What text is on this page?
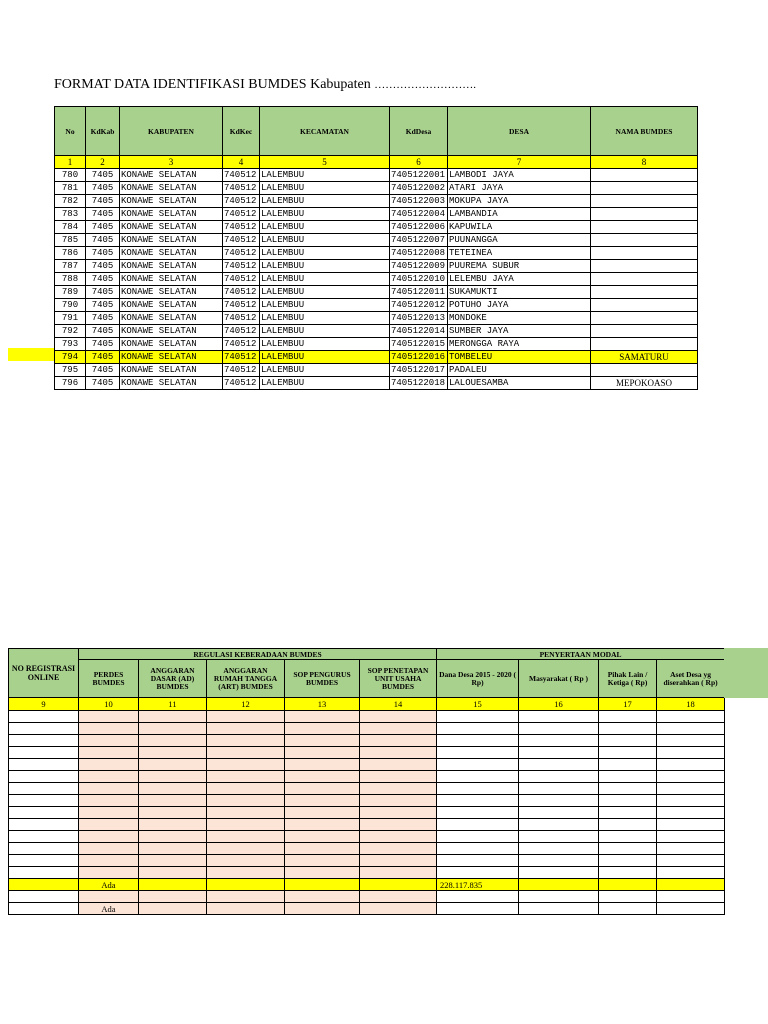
FORMAT DATA IDENTIFIKASI BUMDES Kabupaten ……………………….
No	KdKab	KABUPATEN	KdKec	KECAMATAN	KdDesa	DESA	NAMA BUMDES
1	2	3	4	5	6	7	8
780	7405	KONAWE SELATAN	740512	LALEMBUU	7405122001	LAMBODI JAYA	
781	7405	KONAWE SELATAN	740512	LALEMBUU	7405122002	ATARI JAYA	
782	7405	KONAWE SELATAN	740512	LALEMBUU	7405122003	MOKUPA JAYA	
783	7405	KONAWE SELATAN	740512	LALEMBUU	7405122004	LAMBANDIA	
784	7405	KONAWE SELATAN	740512	LALEMBUU	7405122006	KAPUWILA	
785	7405	KONAWE SELATAN	740512	LALEMBUU	7405122007	PUUNANGGA	
786	7405	KONAWE SELATAN	740512	LALEMBUU	7405122008	TETEINEA	
787	7405	KONAWE SELATAN	740512	LALEMBUU	7405122009	PUUREMA SUBUR	
788	7405	KONAWE SELATAN	740512	LALEMBUU	7405122010	LELEMBU JAYA	
789	7405	KONAWE SELATAN	740512	LALEMBUU	7405122011	SUKAMUKTI	
790	7405	KONAWE SELATAN	740512	LALEMBUU	7405122012	POTUHO JAYA	
791	7405	KONAWE SELATAN	740512	LALEMBUU	7405122013	MONDOKE	
792	7405	KONAWE SELATAN	740512	LALEMBUU	7405122014	SUMBER JAYA	
793	7405	KONAWE SELATAN	740512	LALEMBUU	7405122015	MERONGGA RAYA	
794	7405	KONAWE SELATAN	740512	LALEMBUU	7405122016	TOMBELEU	SAMATURU
795	7405	KONAWE SELATAN	740512	LALEMBUU	7405122017	PADALEU	
796	7405	KONAWE SELATAN	740512	LALEMBUU	7405122018	LALOUESAMBA	MEPOKOASO
NO REGISTRASI ONLINE	REGULASI KEBERADAAN BUMDES					PENYERTAAN MODAL			
	PERDES BUMDES	ANGGARAN DASAR (AD) BUMDES	ANGGARAN RUMAH TANGGA (ART) BUMDES	SOP PENGURUS BUMDES	SOP PENETAPAN UNIT USAHA BUMDES	Dana Desa 2015 - 2020 ( Rp)	Masyarakat ( Rp )	Pihak Lain / Ketiga ( Rp)	Aset Desa yg diserahkan ( Rp)
9	10	11	12	13	14	15	16	17	18

	Ada					228.117.835			

	Ada								
